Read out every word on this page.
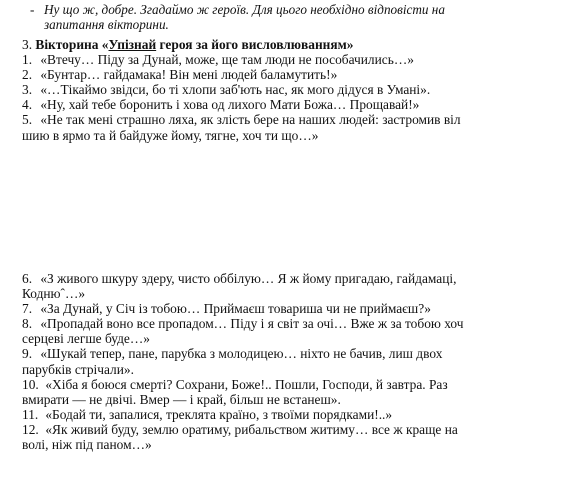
- Ну що ж, добре. Згадаймо ж героїв. Для цього необхідно відповісти на
запитання вікторини.
3. Вікторина «Упізнай героя за його висловлюванням»
1. «Втечу… Піду за Дунай, може, ще там люди не пособачились…»
2. «Бунтар… гайдамака! Він мені людей баламутить!»
3. «…Тікаймо звідси, бо ті хлопи заб'ють нас, як мого дідуся в Умані».
4. «Ну, хай тебе боронить і хова од лихого Мати Божа… Прощавай!»
5. «Не так мені страшно ляха, як злість бере на наших людей: застромив віл
шию в ярмо та й байдуже йому, тягне, хоч ти що…»
6. «З живого шкуру здеру, чисто оббілую… Я ж йому пригадаю, гайдамаці,
Коднюˆ…»
7. «За Дунай, у Січ із тобою… Приймаєш товариша чи не приймаєш?»
8. «Пропадай воно все пропадом… Піду і я світ за очі… Вже ж за тобою хоч
серцеві легше буде…»
9. «Шукай тепер, пане, парубка з молодицею… ніхто не бачив, лиш двох
парубків стрічали».
10. «Хіба я боюся смерті? Сохрани, Боже!.. Пошли, Господи, й завтра. Раз
вмирати — не двічі. Вмер — і край, більш не встанеш».
11. «Бодай ти, запалися, треклята країно, з твоїми порядками!..»
12. «Як живий буду, землю оратиму, рибальством житиму… все ж краще на
волі, ніж під паном…»
